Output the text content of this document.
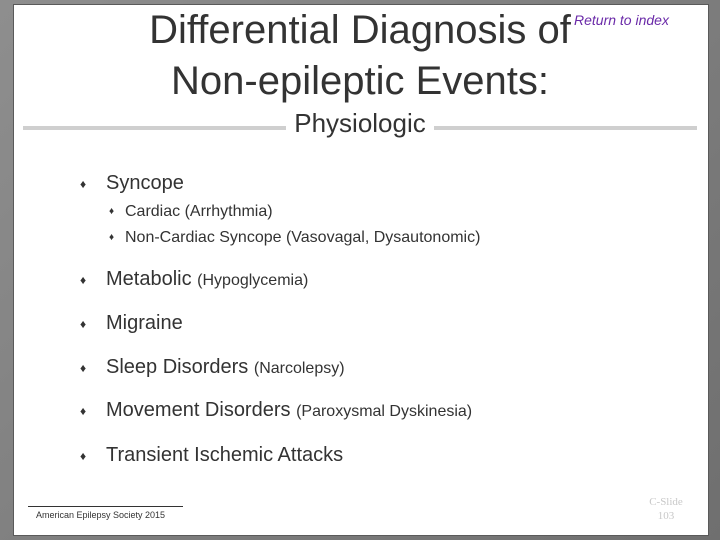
Differential Diagnosis of
Non-epileptic Events:
Return to index
Physiologic
♦ Syncope
♦ Cardiac (Arrhythmia)
♦ Non-Cardiac Syncope (Vasovagal, Dysautonomic)
♦ Metabolic (Hypoglycemia)
♦ Migraine
♦ Sleep Disorders (Narcolepsy)
♦ Movement Disorders (Paroxysmal Dyskinesia)
♦ Transient Ischemic Attacks
American Epilepsy Society 2015
C-Slide
103
